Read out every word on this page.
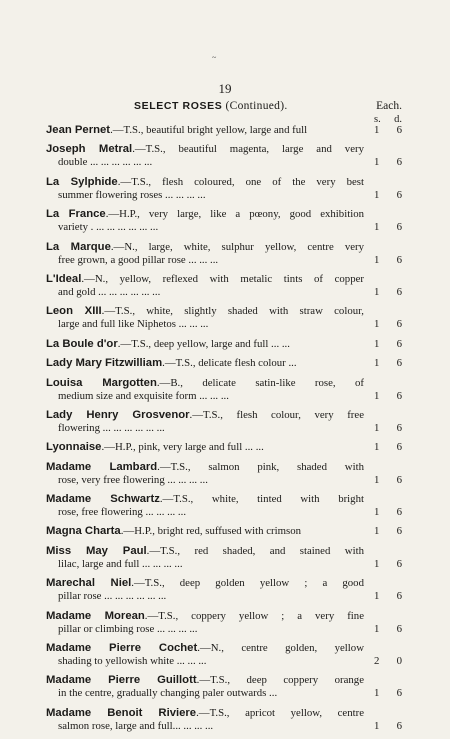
~
19
SELECT ROSES (Continued).	Each.
s. d.
Jean Pernet.—T.S., beautiful bright yellow, large and full	1 6
Joseph Metral.—T.S., beautiful magenta, large and very
double ... ... ... ... ... ...	1 6
La Sylphide.—T.S., flesh coloured, one of the very best
summer flowering roses ... ... ... ...	1 6
La France.—H.P., very large, like a pœony, good exhibition
variety . ... ... ... ... ... ...	1 6
La Marque.—N., large, white, sulphur yellow, centre very
free grown, a good pillar rose ... ... ...	1 6
L'Ideal.—N., yellow, reflexed with metalic tints of copper
and gold ... ... ... ... ... ...	1 6
Leon XIII.—T.S., white, slightly shaded with straw colour,
large and full like Niphetos ... ... ...	1 6
La Boule d'or.—T.S., deep yellow, large and full ... ...	1 6
Lady Mary Fitzwilliam.—T.S., delicate flesh colour ...	1 6
Louisa Margotten.—B., delicate satin-like rose, of
medium size and exquisite form ... ... ...	1 6
Lady Henry Grosvenor.—T.S., flesh colour, very free
flowering ... ... ... ... ... ...	1 6
Lyonnaise.—H.P., pink, very large and full ... ...	1 6
Madame Lambard.—T.S., salmon pink, shaded with
rose, very free flowering ... ... ... ...	1 6
Madame Schwartz.—T.S., white, tinted with bright
rose, free flowering ... ... ... ...	1 6
Magna Charta.—H.P., bright red, suffused with crimson	1 6
Miss May Paul.—T.S., red shaded, and stained with
lilac, large and full ... ... ... ...	1 6
Marechal Niel.—T.S., deep golden yellow ; a good
pillar rose ... ... ... ... ... ...	1 6
Madame Morean.—T.S., coppery yellow ; a very fine
pillar or climbing rose ... ... ... ...	1 6
Madame Pierre Cochet.—N., centre golden, yellow
shading to yellowish white ... ... ...	2 0
Madame Pierre Guillott.—T.S., deep coppery orange
in the centre, gradually changing paler outwards ...	1 6
Madame Benoit Riviere.—T.S., apricot yellow, centre
salmon rose, large and full... ... ... ...	1 6
